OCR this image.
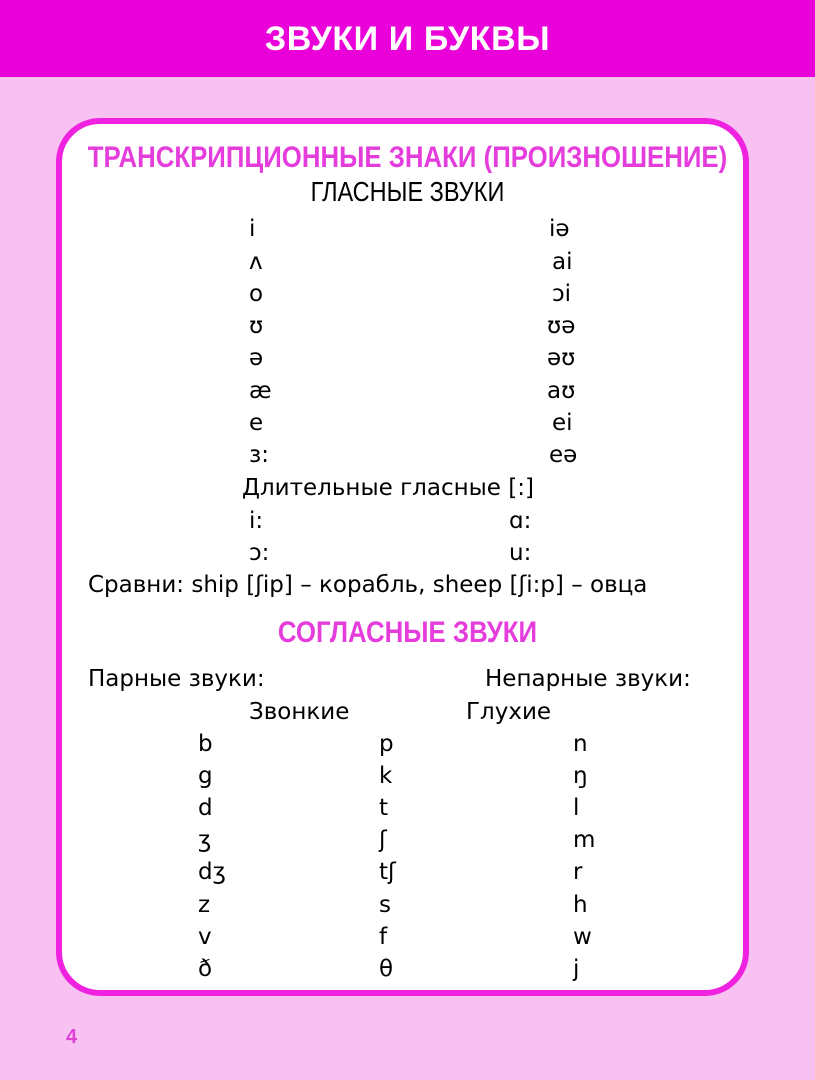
ЗВУКИ И БУКВЫ
ТРАНСКРИПЦИОННЫЕ ЗНАКИ (ПРОИЗНОШЕНИЕ)
ГЛАСНЫЕ ЗВУКИ
i
ʌ
o
ʊ
ə
æ
e
ɜ:
iə
ai
ɔi
ʊə
əʊ
aʊ
ei
eə
Длительные гласные [:]
i:
ɔ:
ɑ:
u:
Сравни: ship [ʃip] – корабль, sheep [ʃi:p] – овца
СОГЛАСНЫЕ ЗВУКИ
Парные звуки:	Непарные звуки:
Звонкие	Глухие
b
g
d
ʒ
dʒ
z
v
ð
p
k
t
ʃ
tʃ
s
f
θ
n
ŋ
l
m
r
h
w
j
4
